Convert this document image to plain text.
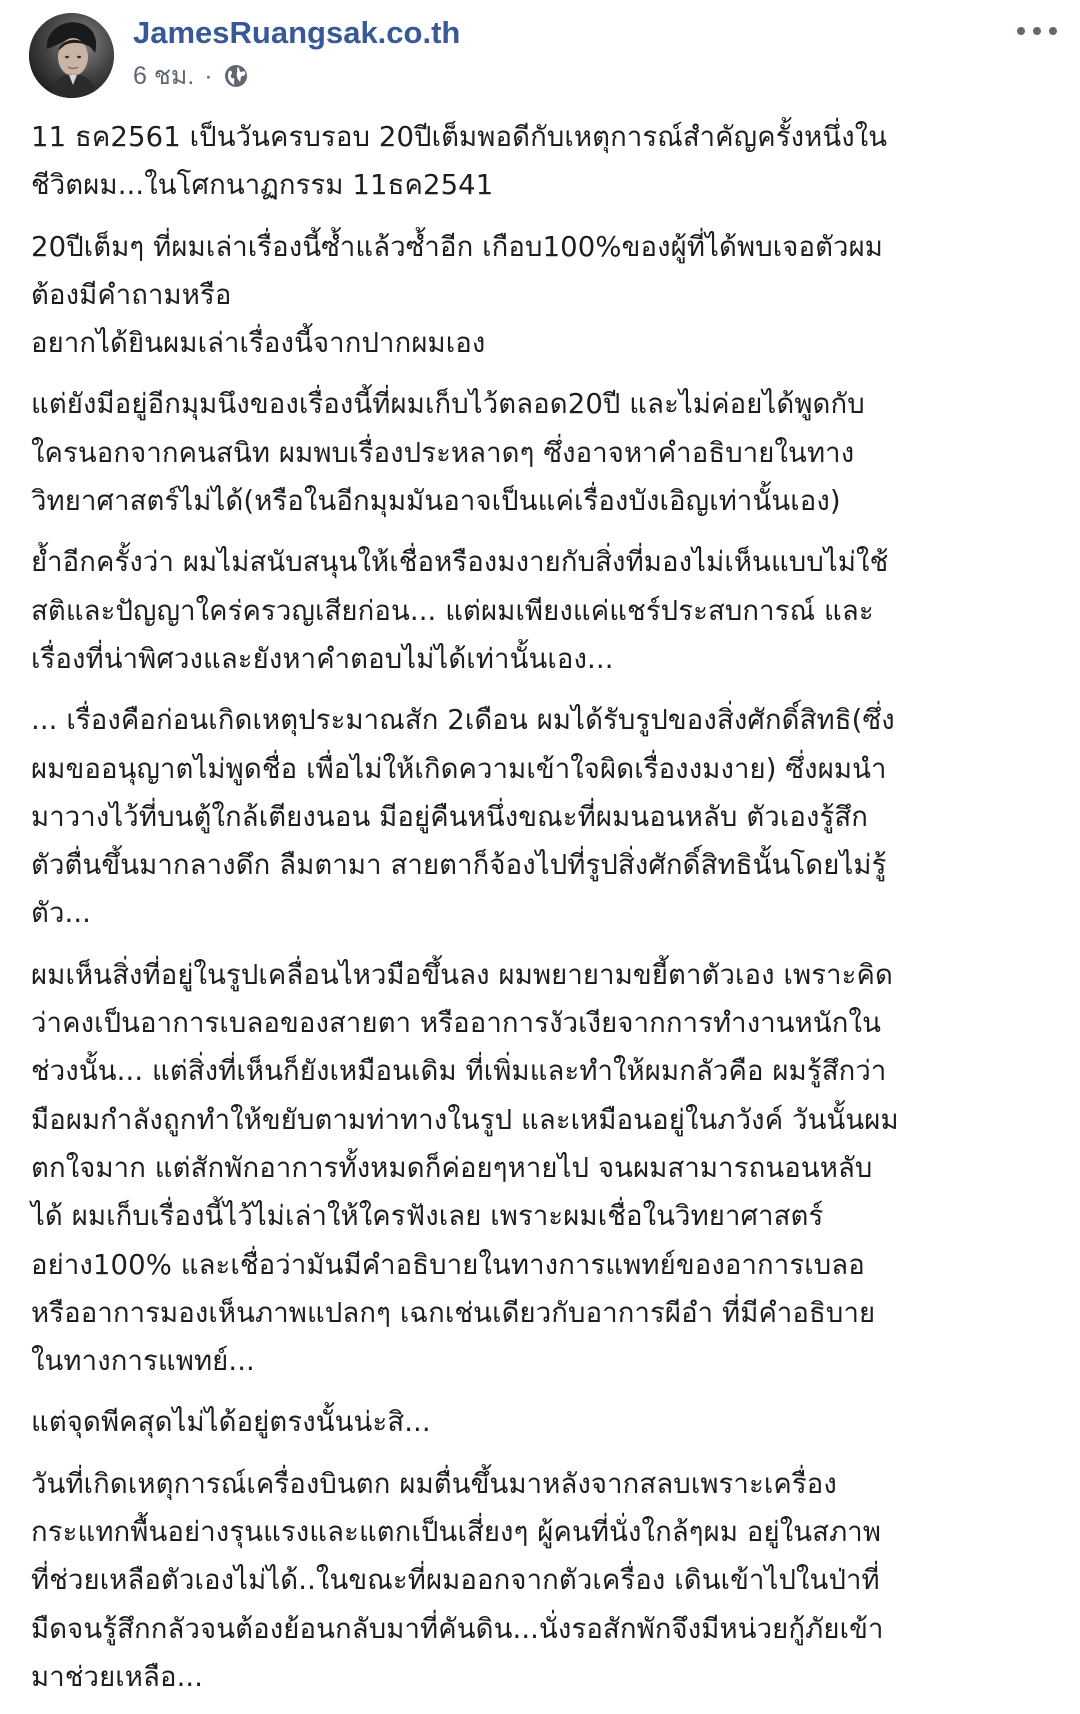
JamesRuangsak.co.th
6 ชม. ·

11 ธค2561 เป็นวันครบรอบ 20ปีเต็มพอดีกับเหตุการณ์สำคัญครั้งหนึ่งใน
ชีวิตผม...ในโศกนาฏกรรม 11ธค2541

20ปีเต็มๆ ที่ผมเล่าเรื่องนี้ซ้ำแล้วซ้ำอีก เกือบ100%ของผู้ที่ได้พบเจอตัวผม
ต้องมีคำถามหรือ
อยากได้ยินผมเล่าเรื่องนี้จากปากผมเอง

แต่ยังมีอยู่อีกมุมนึงของเรื่องนี้ที่ผมเก็บไว้ตลอด20ปี และไม่ค่อยได้พูดกับ
ใครนอกจากคนสนิท ผมพบเรื่องประหลาดๆ ซึ่งอาจหาคำอธิบายในทาง
วิทยาศาสตร์ไม่ได้(หรือในอีกมุมมันอาจเป็นแค่เรื่องบังเอิญเท่านั้นเอง)

ย้ำอีกครั้งว่า ผมไม่สนับสนุนให้เชื่อหรืองมงายกับสิ่งที่มองไม่เห็นแบบไม่ใช้
สติและปัญญาใคร่ครวญเสียก่อน... แต่ผมเพียงแค่แชร์ประสบการณ์ และ
เรื่องที่น่าพิศวงและยังหาคำตอบไม่ได้เท่านั้นเอง...

... เรื่องคือก่อนเกิดเหตุประมาณสัก 2เดือน ผมได้รับรูปของสิ่งศักดิ์สิทธิ(ซึ่ง
ผมขออนุญาตไม่พูดชื่อ เพื่อไม่ให้เกิดความเข้าใจผิดเรื่องงมงาย) ซึ่งผมนำ
มาวางไว้ที่บนตู้ใกล้เตียงนอน มีอยู่คืนหนึ่งขณะที่ผมนอนหลับ ตัวเองรู้สึก
ตัวตื่นขึ้นมากลางดึก ลืมตามา สายตาก็จ้องไปที่รูปสิ่งศักดิ์สิทธินั้นโดยไม่รู้
ตัว...

ผมเห็นสิ่งที่อยู่ในรูปเคลื่อนไหวมือขึ้นลง ผมพยายามขยี้ตาตัวเอง เพราะคิด
ว่าคงเป็นอาการเบลอของสายตา หรืออาการงัวเงียจากการทำงานหนักใน
ช่วงนั้น... แต่สิ่งที่เห็นก็ยังเหมือนเดิม ที่เพิ่มและทำให้ผมกลัวคือ ผมรู้สึกว่า
มือผมกำลังถูกทำให้ขยับตามท่าทางในรูป และเหมือนอยู่ในภวังค์ วันนั้นผม
ตกใจมาก แต่สักพักอาการทั้งหมดก็ค่อยๆหายไป จนผมสามารถนอนหลับ
ได้ ผมเก็บเรื่องนี้ไว้ไม่เล่าให้ใครฟังเลย เพราะผมเชื่อในวิทยาศาสตร์
อย่าง100% และเชื่อว่ามันมีคำอธิบายในทางการแพทย์ของอาการเบลอ
หรืออาการมองเห็นภาพแปลกๆ เฉกเช่นเดียวกับอาการผีอำ ที่มีคำอธิบาย
ในทางการแพทย์...

แต่จุดพีคสุดไม่ได้อยู่ตรงนั้นน่ะสิ...

วันที่เกิดเหตุการณ์เครื่องบินตก ผมตื่นขึ้นมาหลังจากสลบเพราะเครื่อง
กระแทกพื้นอย่างรุนแรงและแตกเป็นเสี่ยงๆ ผู้คนที่นั่งใกล้ๆผม อยู่ในสภาพ
ที่ช่วยเหลือตัวเองไม่ได้..ในขณะที่ผมออกจากตัวเครื่อง เดินเข้าไปในป่าที่
มืดจนรู้สึกกลัวจนต้องย้อนกลับมาที่คันดิน...นั่งรอสักพักจึงมีหน่วยกู้ภัยเข้า
มาช่วยเหลือ...
